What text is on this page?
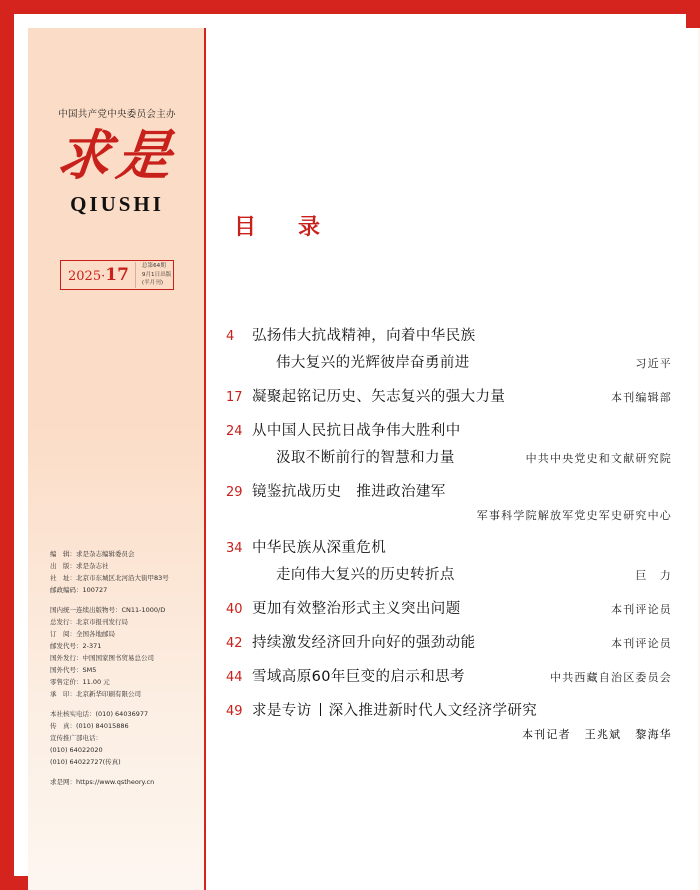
中国共产党中央委员会主办
求是
QIUSHI
2025·17 总第64期
9月1日出版(半月刊)
编　辑：求是杂志编辑委员会
出　版：求是杂志社
社　址：北京市东城区北河沿大街甲83号
邮政编码：100727
国内统一连续出版物号：CN11-1000/D
总发行：北京市报刊发行局
订　阅：全国各地邮局
邮发代号：2-371
国外发行：中国国家图书贸易总公司
国外代号：SM5
零售定价：11.00 元
承　印：北京新华印刷有限公司
本社核实电话：(010) 64036977
传　真：(010) 84015886
宣传推广部电话：
(010) 64022020
(010) 64022727(传真)
求是网：https://www.qstheory.cn
目　录
4	弘扬伟大抗战精神，向着中华民族
伟大复兴的光辉彼岸奋勇前进	习近平
17 凝聚起铭记历史、矢志复兴的强大力量	本刊编辑部
24 从中国人民抗日战争伟大胜利中
汲取不断前行的智慧和力量	中共中央党史和文献研究院
29 镜鉴抗战历史　推进政治建军
军事科学院解放军党史军史研究中心
34 中华民族从深重危机
走向伟大复兴的历史转折点	巨　力
40 更加有效整治形式主义突出问题	本刊评论员
42 持续激发经济回升向好的强劲动能	本刊评论员
44 雪域高原60年巨变的启示和思考	中共西藏自治区委员会
49 求是专访 深入推进新时代人文经济学研究
本刊记者 王兆斌 黎海华
